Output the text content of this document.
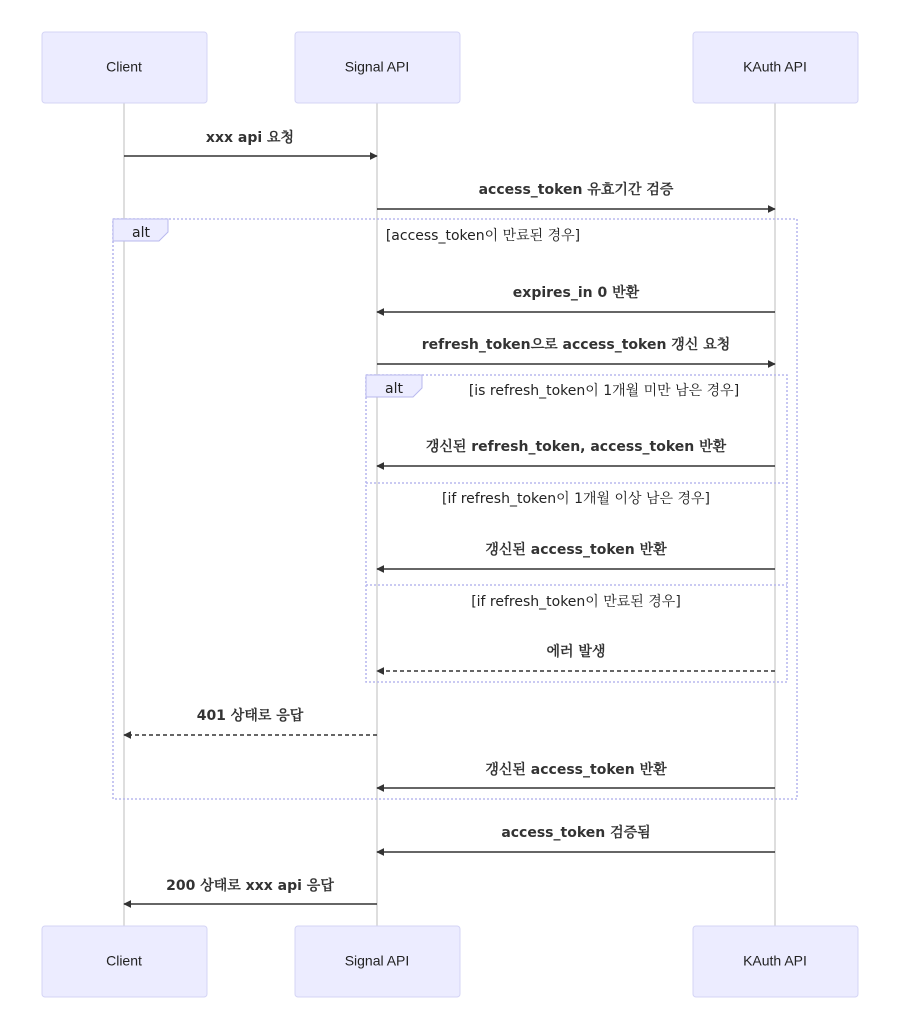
alt	[access_token이 만료된 경우]
alt	[is refresh_token이 1개월 미만 남은 경우]
[if refresh_token이 1개월 이상 남은 경우]
[if refresh_token이 만료된 경우]
xxx api 요청
access_token 유효기간 검증
expires_in 0 반환
refresh_token으로 access_token 갱신 요청
갱신된 refresh_token, access_token 반환
갱신된 access_token 반환
에러 발생
401 상태로 응답
갱신된 access_token 반환
access_token 검증됨
200 상태로 xxx api 응답
Client	Signal API	KAuth API
Client	Signal API	KAuth API
